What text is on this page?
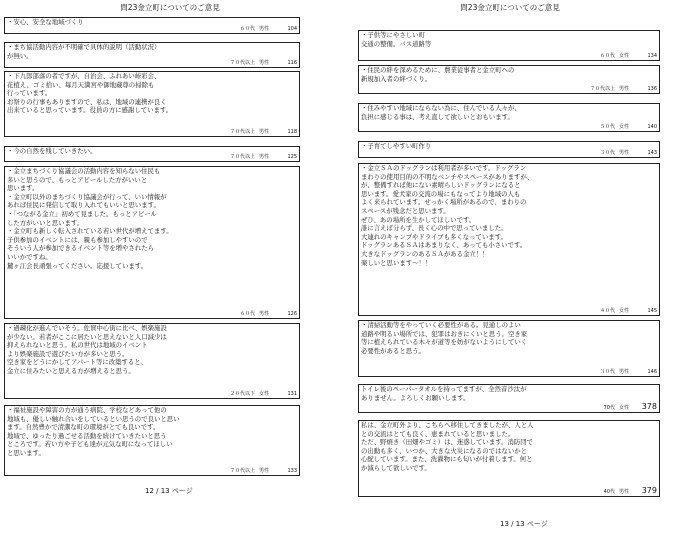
問23金立町についてのご意見
・安心、安全な地域づくり
６０代 男性	104
・まち協活動内容が不明確で具体的説明（活動状況）
が無い。
７０代以上 男性	116
・下九郎部落の者ですが、自治会、ふれあい峠彩会、
花植え、ゴミ拾い、毎月天満宮や御地蔵尊の掃除も
行っています。
お祭りの行事もありますので、私は、地域の連携が良く
出来ていると思っています。役員の方に感謝しています。
７０代以上 男性	118
・今の自然を残していきたい。
７０代以上 男性	125
・金立まちづくり協議会の活動内容を知らない住民も
多いと思うので、もっとアピールした方がいいと
思います。
・金立町以外のまちづくり協議会が行って、いい情報が
あれば住民に発信して取り入れてもいいと思います。
・「つながる金立」初めて見ました。もっとアピール
した方がいいと思います。
・金立町も新しく転入されている若い世代が増えてます。
子供参加のイベントには、親も参加しやすいので
そういう人が参加できるイベント等を増やされたら
いいかですね。
麓ヶ江会長頑張ってください。応援しています。
６０代 男性	126
・過疎化が進んでいそう。佐賀中心街に比べ、娯楽施設
が少ない。若者がここに居たいと思えないと人口減少は
抑えられないと思う。私の世代は地域のイベント
より娯楽施設で遊びたい方が多いと思う。
空き家をどうにかしてアパート等に改築すると、
金立に住みたいと思える方が増えると思う。
２０代以下 女性	131
・福祉施設や障害の方が通う病院、学校などあって他の
地域も、優しい触れ合いをしているとい思うので良いと思い
ます。自然豊かで清潔な町の環境がとても良いです。
地域で、ゆったり過ごせる活動を続けていきたいと思う
ところです。若い方や子ども達が元気な町になってほしい
と思います。
７０代以上 男性	133
12 / 13 ページ
問23金立町についてのご意見
・子供等にやさしい町
交通の整備。バス道路等
６０代 女性	134
・住民の絆を深めるために、農業従事者と金立町への
新規加入者の絆づくり。
７０代以上 男性	136
・住みやすい地域にならない為に、住んでいる人々が、
負担に感じる事は、考え直して欲しいとおもいます。
５０代 女性	140
・子育てしやすい町作り
３０代 男性	143
・金立ＳＡのドッグランは利用者が多いです。ドッグラン
まわりの使用目的の不明なベンチやスペースがありますが、
が、整備すれば他にない素晴らしいドッグランになると
思います。愛犬家の交流の場にもなってより地域の人も
よく来られています。せっかく場所があるので、まわりの
スペースが残念だと思います。
ぜひ、あの場所を生かしてほしいです。
誰に言えば分らず、長く心の中で思っていました。
大連れのキャンプやドライブも多くなっています。
ドッグランあるＳＡはあまりなく、あっても小さいです。
大きなドッグランのあるＳＡがある金立！！
楽しいと思います〜！！
４０代 女性	145
・清掃活動等をやっていく必要性がある。見通しのよい
道路や明るい場所では、犯罪はおきにくいと思う。空き家
等に植えられている木々が道等を妨がないようにしていく
必要性があると思う。
３０代 男性	146
トイレ後のペーパータオルを持ってますが、全然音沙汰が
ありません。よろしくお願いします。
70代 女性	378
私は、金立町外より、こちらへ移住してきましたが、人と人
との交流はとても良く、恵まれていると思いました。
ただ、野焼き（田畑やゴミ）は、迷惑しています。消防団で
の出動も多く、いつか、大きな火災になるのではないかと
心配しています。また、洗濯物にも匂いが付着します。何と
か減らして欲しいです。
40代 男性	379
13 / 13 ページ
